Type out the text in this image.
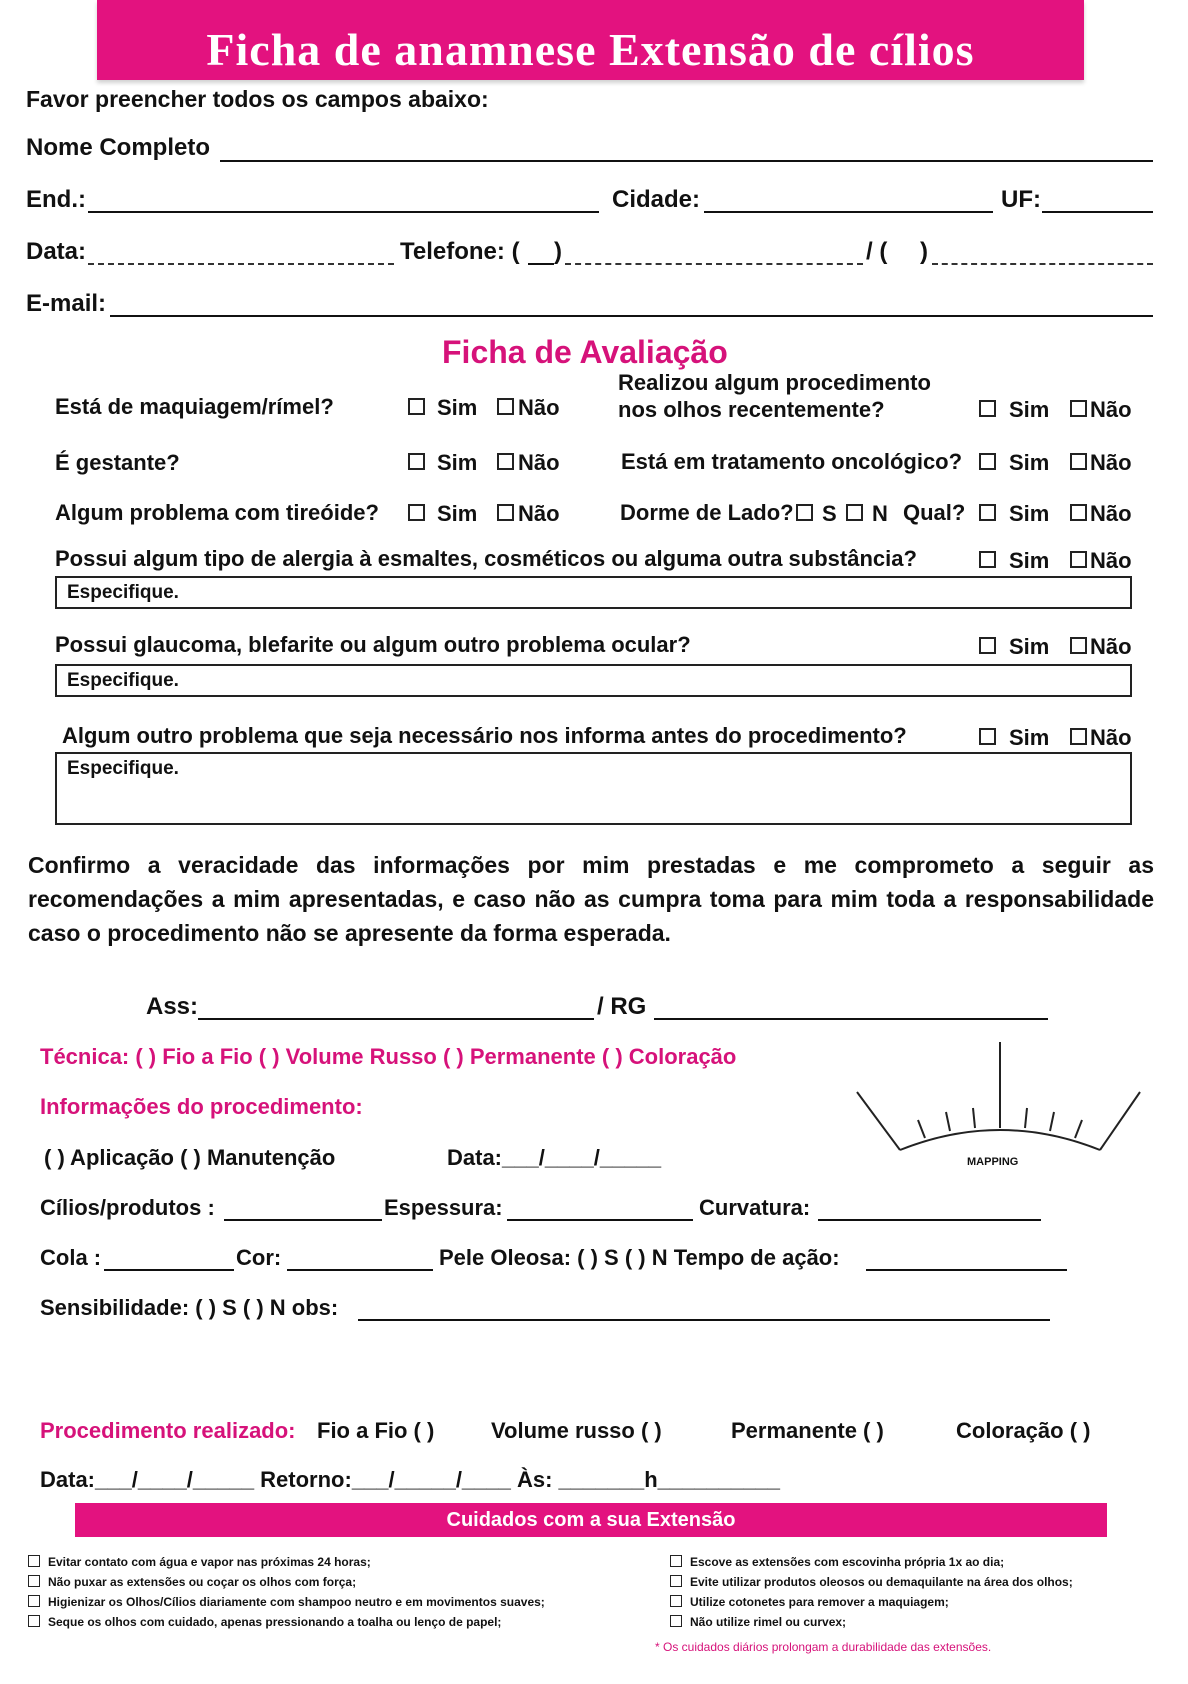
Ficha de anamnese Extensão de cílios
Favor preencher todos os campos abaixo:
Nome Completo
End.:	Cidade:	UF:
Data:	Telefone: ( )	/ ( )
E-mail:
Ficha de Avaliação
Está de maquiagem/rímel?	Sim Não
Realizou algum procedimento
nos olhos recentemente?	Sim Não
É gestante?	Sim Não	Está em tratamento oncológico? Sim Não
Algum problema com tireóide?	Sim Não	Dorme de Lado? S N Qual? Sim Não
Possui algum tipo de alergia à esmaltes, cosméticos ou alguma outra substância?	Sim Não
Especifique.
Possui glaucoma, blefarite ou algum outro problema ocular?	Sim Não
Especifique.
Algum outro problema que seja necessário nos informa antes do procedimento?	Sim Não
Especifique.
Confirmo a veracidade das informações por mim prestadas e me comprometo a seguir as recomendações a mim apresentadas, e caso não as cumpra toma para mim toda a responsabilidade caso o procedimento não se apresente da forma esperada.
Ass:	/ RG
Técnica: ( ) Fio a Fio ( ) Volume Russo ( ) Permanente ( ) Coloração
Informações do procedimento:
MAPPING
( ) Aplicação ( ) Manutenção	Data:___/____/_____
Cílios/produtos :	Espessura:	Curvatura:
Cola :	Cor:	Pele Oleosa: ( ) S ( ) N Tempo de ação:
Sensibilidade: ( ) S ( ) N obs:
Procedimento realizado: Fio a Fio ( )	Volume russo ( )	Permanente ( )	Coloração ( )
Data:___/____/_____ Retorno:___/_____/____ Às: _______h__________
Cuidados com a sua Extensão
Evitar contato com água e vapor nas próximas 24 horas;
Não puxar as extensões ou coçar os olhos com força;
Higienizar os Olhos/Cílios diariamente com shampoo neutro e em movimentos suaves;
Seque os olhos com cuidado, apenas pressionando a toalha ou lenço de papel;
Escove as extensões com escovinha própria 1x ao dia;
Evite utilizar produtos oleosos ou demaquilante na área dos olhos;
Utilize cotonetes para remover a maquiagem;
Não utilize rimel ou curvex;
* Os cuidados diários prolongam a durabilidade das extensões.
